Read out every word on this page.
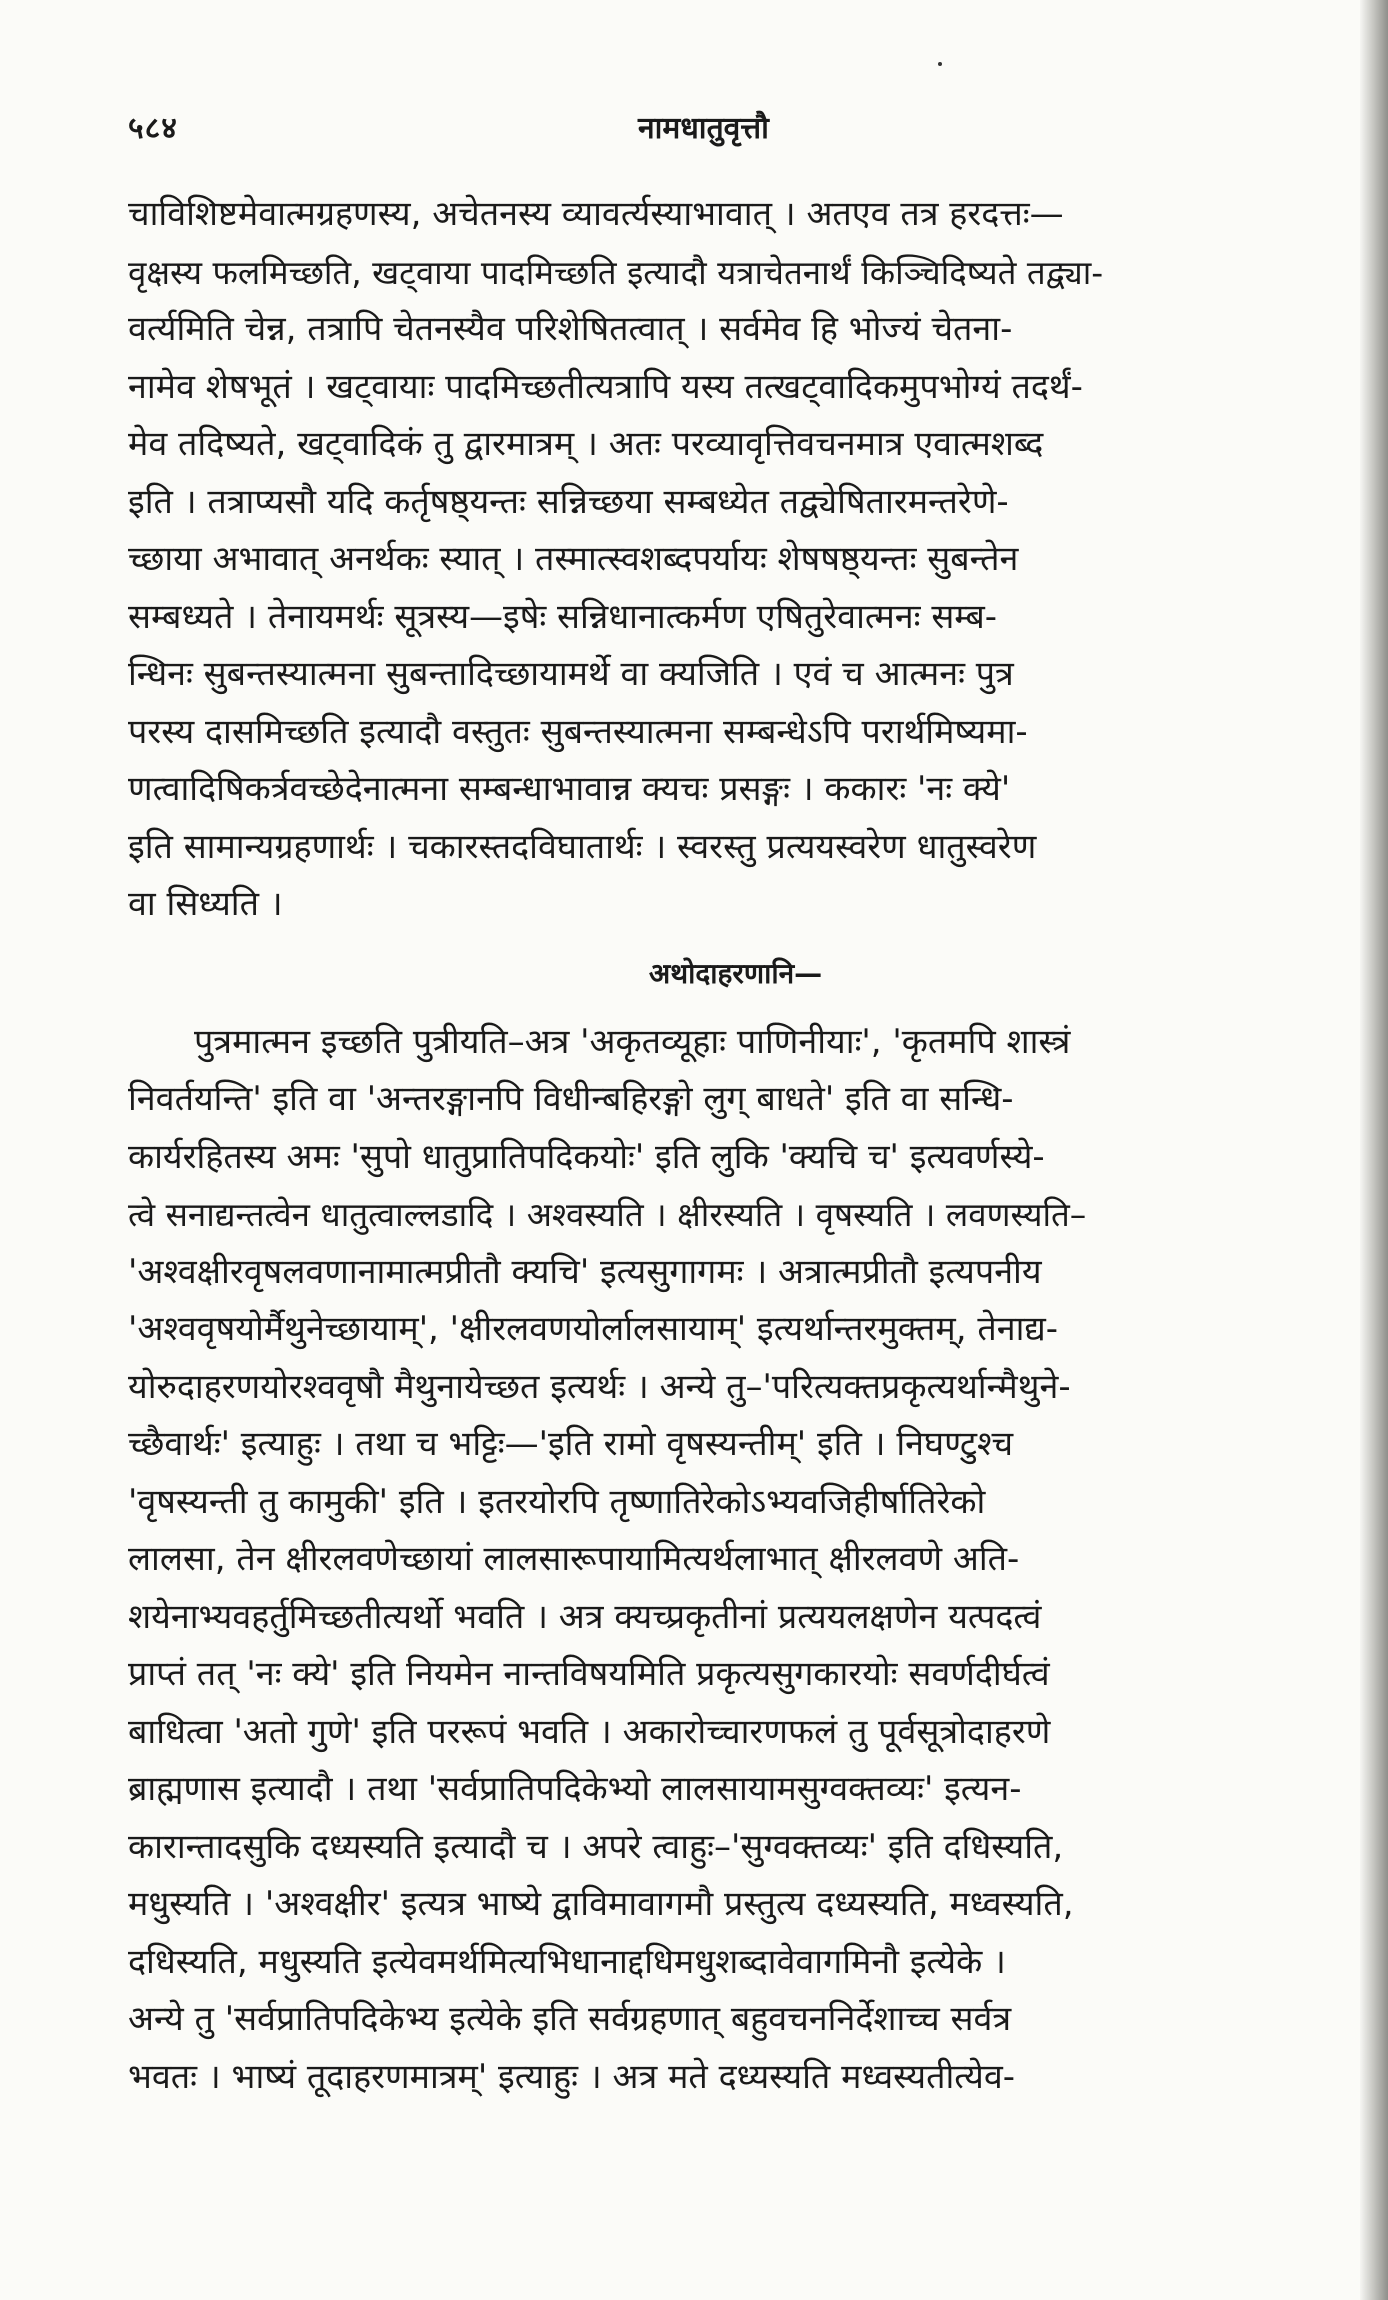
५८४	नामधातुवृत्तौ
चाविशिष्टमेवात्मग्रहणस्य, अचेतनस्य व्यावर्त्यस्याभावात् । अतएव तत्र हरदत्तः—
वृक्षस्य फलमिच्छति, खट्वाया पादमिच्छति इत्यादौ यत्राचेतनार्थं किञ्चिदिष्यते तद्व्या-
वर्त्यमिति चेन्न, तत्रापि चेतनस्यैव परिशेषितत्वात् । सर्वमेव हि भोज्यं चेतना-
नामेव शेषभूतं । खट्वायाः पादमिच्छतीत्यत्रापि यस्य तत्खट्वादिकमुपभोग्यं तदर्थं-
मेव तदिष्यते, खट्वादिकं तु द्वारमात्रम् । अतः परव्यावृत्तिवचनमात्र एवात्मशब्द
इति । तत्राप्यसौ यदि कर्तृषष्ठ्यन्तः सन्निच्छया सम्बध्येत तद्व्येषितारमन्तरेणे-
च्छाया अभावात् अनर्थकः स्यात् । तस्मात्स्वशब्दपर्यायः शेषषष्ठ्यन्तः सुबन्तेन
सम्बध्यते । तेनायमर्थः सूत्रस्य—इषेः सन्निधानात्कर्मण एषितुरेवात्मनः सम्ब-
न्धिनः सुबन्तस्यात्मना सुबन्तादिच्छायामर्थे वा क्यजिति । एवं च आत्मनः पुत्र
परस्य दासमिच्छति इत्यादौ वस्तुतः सुबन्तस्यात्मना सम्बन्धेऽपि परार्थमिष्यमा-
णत्वादिषिकर्त्रवच्छेदेनात्मना सम्बन्धाभावान्न क्यचः प्रसङ्गः । ककारः 'नः क्ये'
इति सामान्यग्रहणार्थः । चकारस्तदविघातार्थः । स्वरस्तु प्रत्ययस्वरेण धातुस्वरेण
वा सिध्यति ।
अथोदाहरणानि—
पुत्रमात्मन इच्छति पुत्रीयति–अत्र 'अकृतव्यूहाः पाणिनीयाः', 'कृतमपि शास्त्रं
निवर्तयन्ति' इति वा 'अन्तरङ्गानपि विधीन्बहिरङ्गो लुग् बाधते' इति वा सन्धि-
कार्यरहितस्य अमः 'सुपो धातुप्रातिपदिकयोः' इति लुकि 'क्यचि च' इत्यवर्णस्ये-
त्वे सनाद्यन्तत्वेन धातुत्वाल्लडादि । अश्वस्यति । क्षीरस्यति । वृषस्यति । लवणस्यति–
'अश्वक्षीरवृषलवणानामात्मप्रीतौ क्यचि' इत्यसुगागमः । अत्रात्मप्रीतौ इत्यपनीय
'अश्ववृषयोर्मैथुनेच्छायाम्', 'क्षीरलवणयोर्लालसायाम्' इत्यर्थान्तरमुक्तम्, तेनाद्य-
योरुदाहरणयोरश्ववृषौ मैथुनायेच्छत इत्यर्थः । अन्ये तु–'परित्यक्तप्रकृत्यर्थान्मैथुने-
च्छैवार्थः' इत्याहुः । तथा च भट्टिः—'इति रामो वृषस्यन्तीम्' इति । निघण्टुश्च
'वृषस्यन्ती तु कामुकी' इति । इतरयोरपि तृष्णातिरेकोऽभ्यवजिहीर्षातिरेको
लालसा, तेन क्षीरलवणेच्छायां लालसारूपायामित्यर्थलाभात् क्षीरलवणे अति-
शयेनाभ्यवहर्तुमिच्छतीत्यर्थो भवति । अत्र क्यच्प्रकृतीनां प्रत्ययलक्षणेन यत्पदत्वं
प्राप्तं तत् 'नः क्ये' इति नियमेन नान्तविषयमिति प्रकृत्यसुगकारयोः सवर्णदीर्घत्वं
बाधित्वा 'अतो गुणे' इति पररूपं भवति । अकारोच्चारणफलं तु पूर्वसूत्रोदाहरणे
ब्राह्मणास इत्यादौ । तथा 'सर्वप्रातिपदिकेभ्यो लालसायामसुग्वक्तव्यः' इत्यन-
कारान्तादसुकि दध्यस्यति इत्यादौ च । अपरे त्वाहुः–'सुग्वक्तव्यः' इति दधिस्यति,
मधुस्यति । 'अश्वक्षीर' इत्यत्र भाष्ये द्वाविमावागमौ प्रस्तुत्य दध्यस्यति, मध्वस्यति,
दधिस्यति, मधुस्यति इत्येवमर्थमित्यभिधानाद्दधिमधुशब्दावेवागमिनौ इत्येके ।
अन्ये तु 'सर्वप्रातिपदिकेभ्य इत्येके इति सर्वग्रहणात् बहुवचननिर्देशाच्च सर्वत्र
भवतः । भाष्यं तूदाहरणमात्रम्' इत्याहुः । अत्र मते दध्यस्यति मध्वस्यतीत्येव-
